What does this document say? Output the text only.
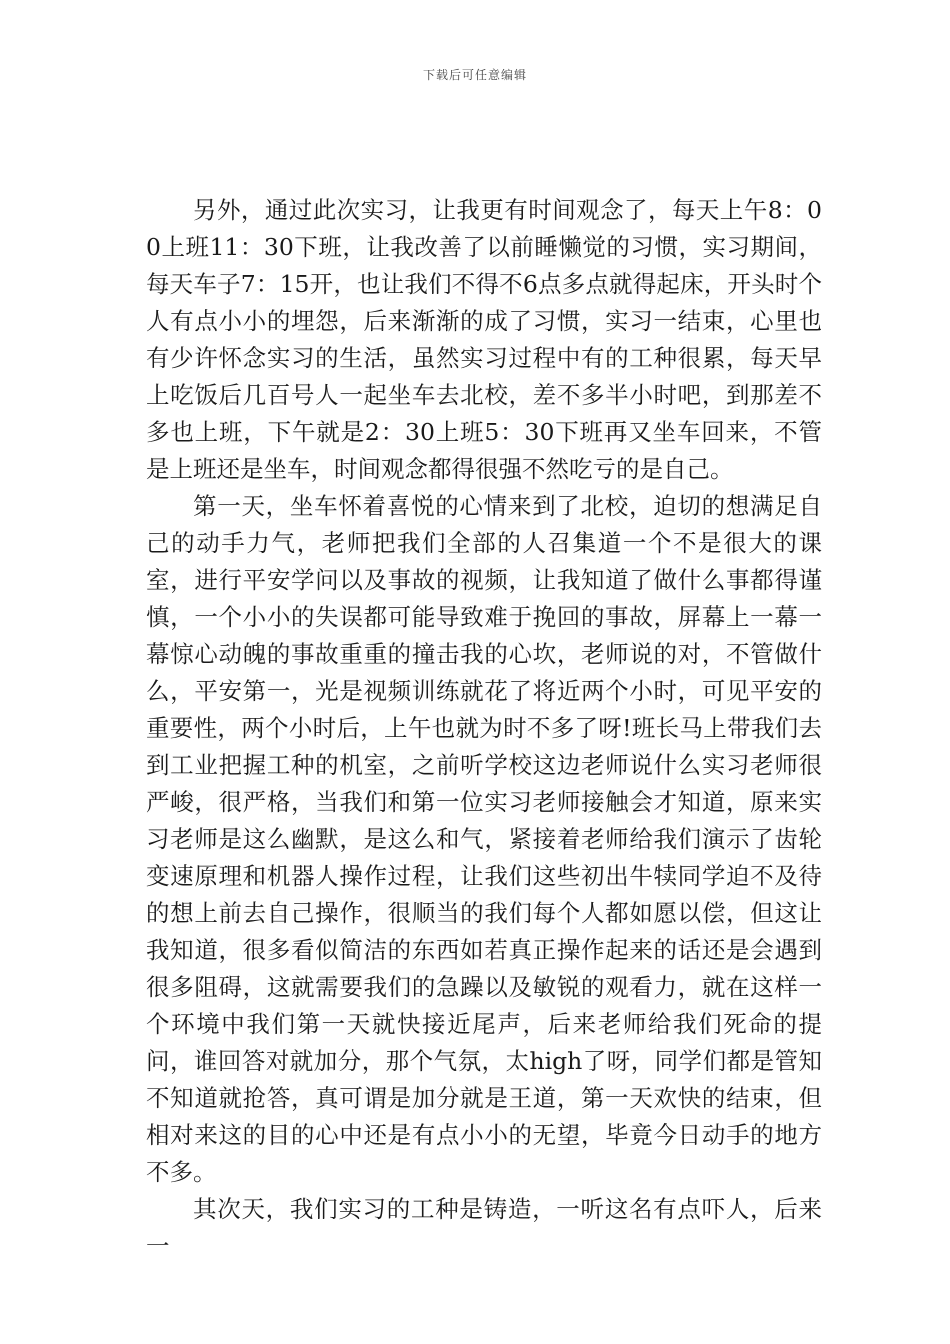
下载后可任意编辑

另外，通过此次实习，让我更有时间观念了，每天上午8：00上班11：30下班，让我改善了以前睡懒觉的习惯，实习期间，每天车子7：15开，也让我们不得不6点多点就得起床，开头时个人有点小小的埋怨，后来渐渐的成了习惯，实习一结束，心里也有少许怀念实习的生活，虽然实习过程中有的工种很累，每天早上吃饭后几百号人一起坐车去北校，差不多半小时吧，到那差不多也上班，下午就是2：30上班5：30下班再又坐车回来，不管是上班还是坐车，时间观念都得很强不然吃亏的是自己。

第一天，坐车怀着喜悦的心情来到了北校，迫切的想满足自己的动手力气，老师把我们全部的人召集道一个不是很大的课室，进行平安学问以及事故的视频，让我知道了做什么事都得谨慎，一个小小的失误都可能导致难于挽回的事故，屏幕上一幕一幕惊心动魄的事故重重的撞击我的心坎，老师说的对，不管做什么，平安第一，光是视频训练就花了将近两个小时，可见平安的重要性，两个小时后，上午也就为时不多了呀!班长马上带我们去到工业把握工种的机室，之前听学校这边老师说什么实习老师很严峻，很严格，当我们和第一位实习老师接触会才知道，原来实习老师是这么幽默，是这么和气，紧接着老师给我们演示了齿轮变速原理和机器人操作过程，让我们这些初出牛犊同学迫不及待的想上前去自己操作，很顺当的我们每个人都如愿以偿，但这让我知道，很多看似简洁的东西如若真正操作起来的话还是会遇到很多阻碍，这就需要我们的急躁以及敏锐的观看力，就在这样一个环境中我们第一天就快接近尾声，后来老师给我们死命的提问，谁回答对就加分，那个气氛，太high了呀，同学们都是管知不知道就抢答，真可谓是加分就是王道，第一天欢快的结束，但相对来这的目的心中还是有点小小的无望，毕竟今日动手的地方不多。

其次天，我们实习的工种是铸造，一听这名有点吓人，后来一
